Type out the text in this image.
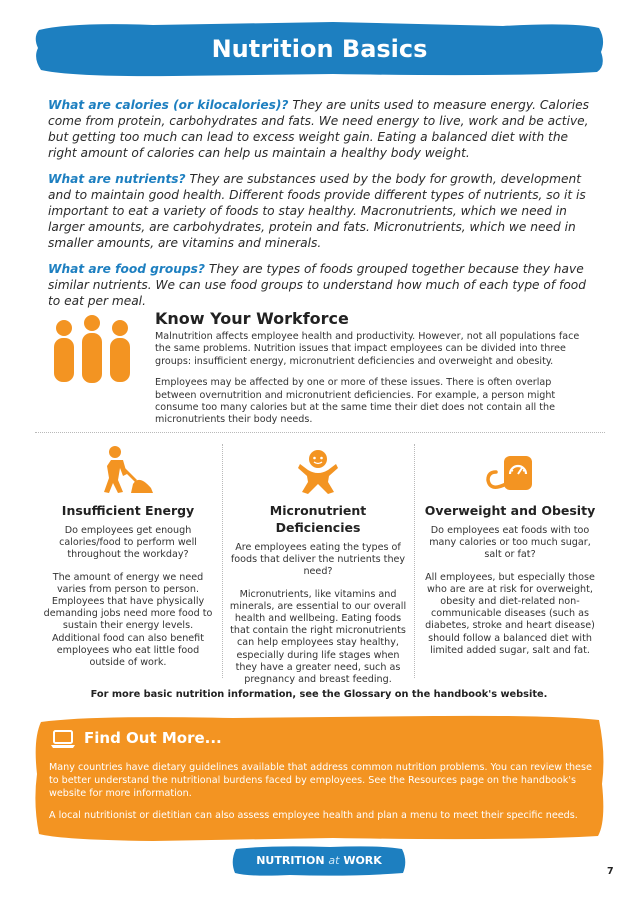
Nutrition Basics

What are calories (or kilocalories)? They are units used to measure energy. Calories come from protein, carbohydrates and fats. We need energy to live, work and be active, but getting too much can lead to excess weight gain. Eating a balanced diet with the right amount of calories can help us maintain a healthy body weight.

What are nutrients? They are substances used by the body for growth, development and to maintain good health. Different foods provide different types of nutrients, so it is important to eat a variety of foods to stay healthy. Macronutrients, which we need in larger amounts, are carbohydrates, protein and fats. Micronutrients, which we need in smaller amounts, are vitamins and minerals.

What are food groups? They are types of foods grouped together because they have similar nutrients. We can use food groups to understand how much of each type of food to eat per meal.

Know Your Workforce

Malnutrition affects employee health and productivity. However, not all populations face the same problems. Nutrition issues that impact employees can be divided into three groups: insufficient energy, micronutrient deficiencies and overweight and obesity.

Employees may be affected by one or more of these issues. There is often overlap between overnutrition and micronutrient deficiencies. For example, a person might consume too many calories but at the same time their diet does not contain all the micronutrients their body needs.

Insufficient Energy

Do employees get enough calories/food to perform well throughout the workday?

The amount of energy we need varies from person to person. Employees that have physically demanding jobs need more food to sustain their energy levels. Additional food can also benefit employees who eat little food outside of work.

Micronutrient Deficiencies

Are employees eating the types of foods that deliver the nutrients they need?

Micronutrients, like vitamins and minerals, are essential to our overall health and wellbeing. Eating foods that contain the right micronutrients can help employees stay healthy, especially during life stages when they have a greater need, such as pregnancy and breast feeding.

Overweight and Obesity

Do employees eat foods with too many calories or too much sugar, salt or fat?

All employees, but especially those who are are at risk for overweight, obesity and diet-related non-communicable diseases (such as diabetes, stroke and heart disease) should follow a balanced diet with limited added sugar, salt and fat.

For more basic nutrition information, see the Glossary on the handbook's website.
Find Out More...

Many countries have dietary guidelines available that address common nutrition problems. You can review these to better understand the nutritional burdens faced by employees. See the Resources page on the handbook's website for more information.

A local nutritionist or dietitian can also assess employee health and plan a menu to meet their specific needs.

NUTRITION at WORK
7
